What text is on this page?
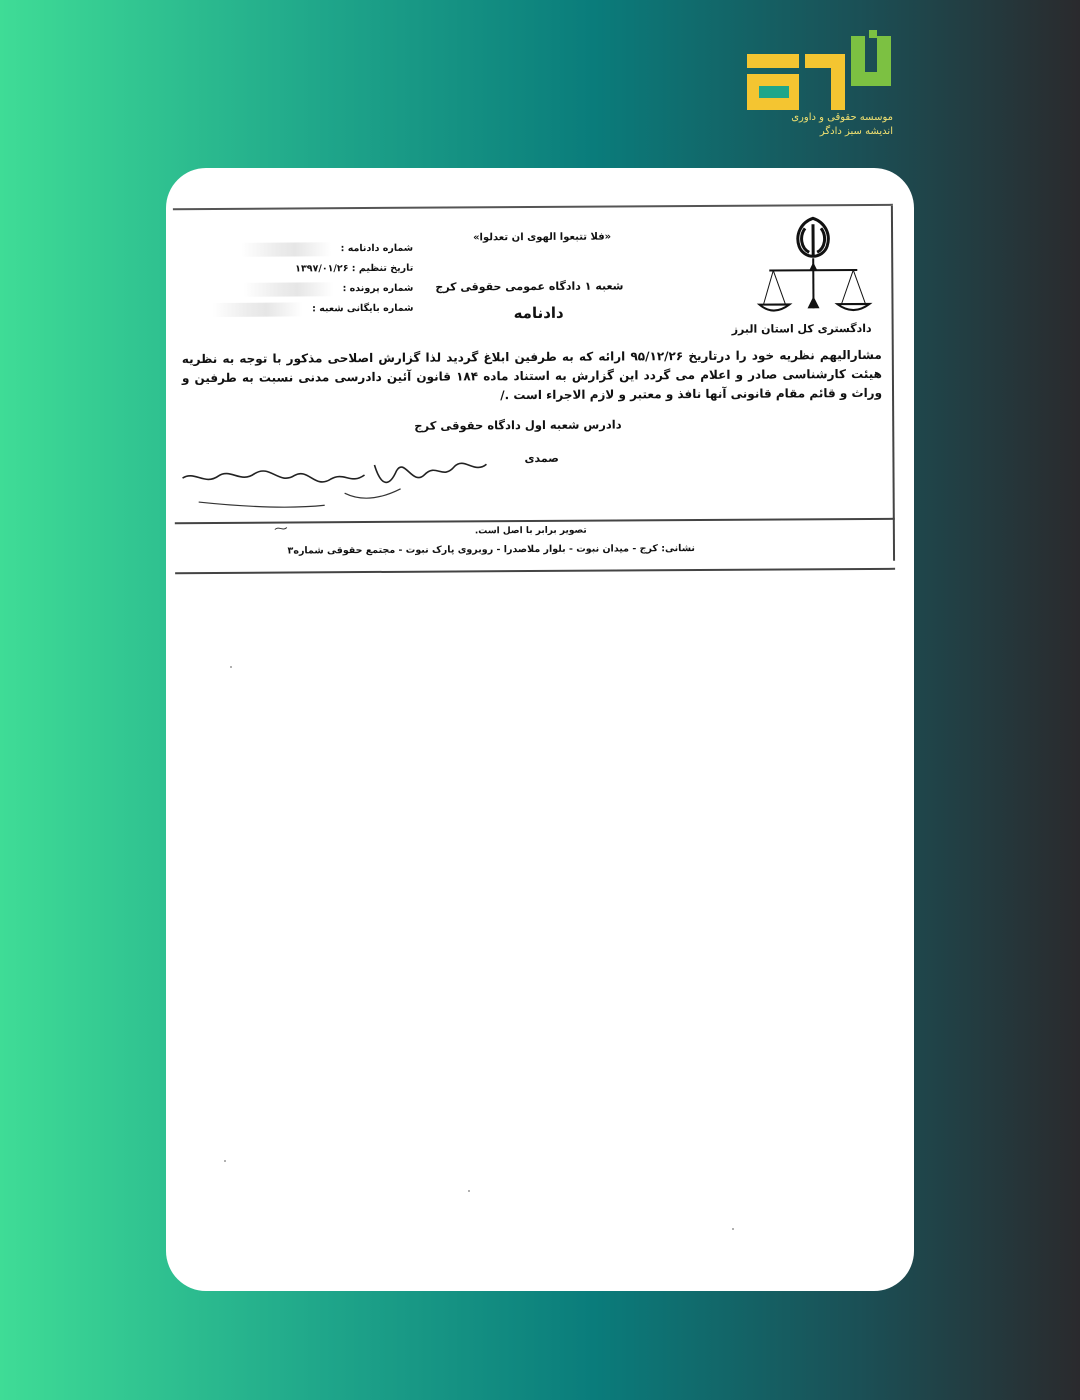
موسسه حقوقی و داوری
اندیشه سبز دادگر
دادگستری کل استان البرز
«فلا تتبعوا الهوی ان تعدلوا»
شعبه ۱ دادگاه عمومی حقوقی کرج
دادنامه
شماره دادنامه :
تاریخ تنظیم : ۱۳۹۷/۰۱/۲۶
شماره پرونده :
شماره بایگانی شعبه :
مشارالیهم نظریه خود را درتاریخ ۹۵/۱۲/۲۶ ارائه که به طرفین ابلاغ گردید لذا گزارش اصلاحی مذکور با توجه به نظریه هیئت کارشناسی صادر و اعلام می گردد این گزارش به استناد ماده ۱۸۴ قانون آئین دادرسی مدنی نسبت به طرفین و وراث و قائم مقام قانونی آنها نافذ و معتبر و لازم الاجراء است ./
دادرس شعبه اول دادگاه حقوقی کرج
صمدی
تصویر برابر با اصل است.
نشانی: کرج - میدان نبوت - بلوار ملاصدرا - روبروی پارک نبوت - مجتمع حقوقی شماره۳
